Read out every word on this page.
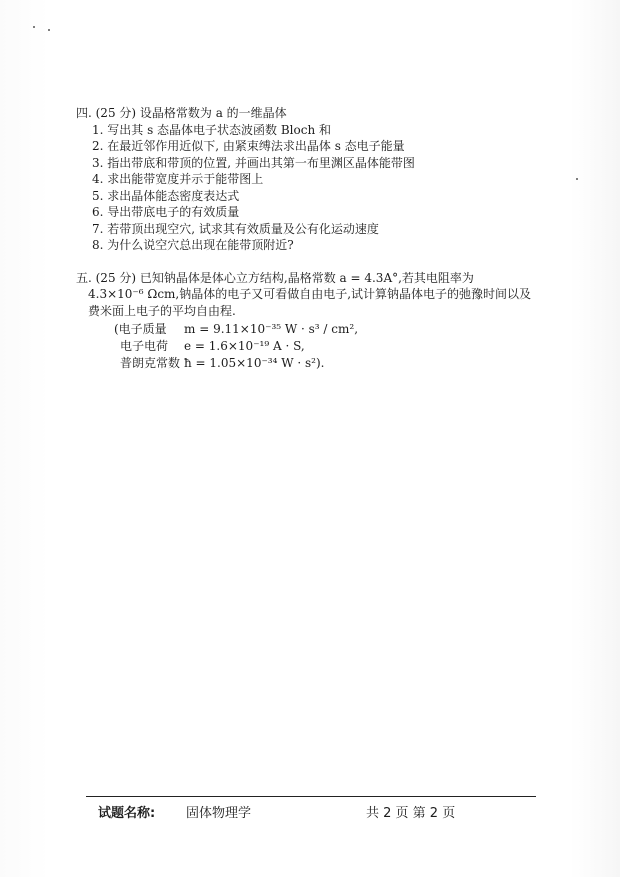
四. (25 分) 设晶格常数为 a 的一维晶体

1. 写出其 s 态晶体电子状态波函数 Bloch 和
2. 在最近邻作用近似下, 由紧束缚法求出晶体 s 态电子能量
3. 指出带底和带顶的位置, 并画出其第一布里渊区晶体能带图
4. 求出能带宽度并示于能带图上
5. 求出晶体能态密度表达式
6. 导出带底电子的有效质量
7. 若带顶出现空穴, 试求其有效质量及公有化运动速度
8. 为什么说空穴总出现在能带顶附近?
五. (25 分) 已知钠晶体是体心立方结构,晶格常数 a = 4.3A°,若其电阻率为
4.3×10⁻⁶ Ωcm,钠晶体的电子又可看做自由电子,试计算钠晶体电子的弛豫时间以及
费米面上电子的平均自由程.
(电子质量	m = 9.11×10⁻³⁵ W · s³ / cm²,
电子电荷	e = 1.6×10⁻¹⁹ A · S,
普朗克常数 ħ = 1.05×10⁻³⁴ W · s²).
试题名称: 固体物理学	共 2 页 第 2 页
